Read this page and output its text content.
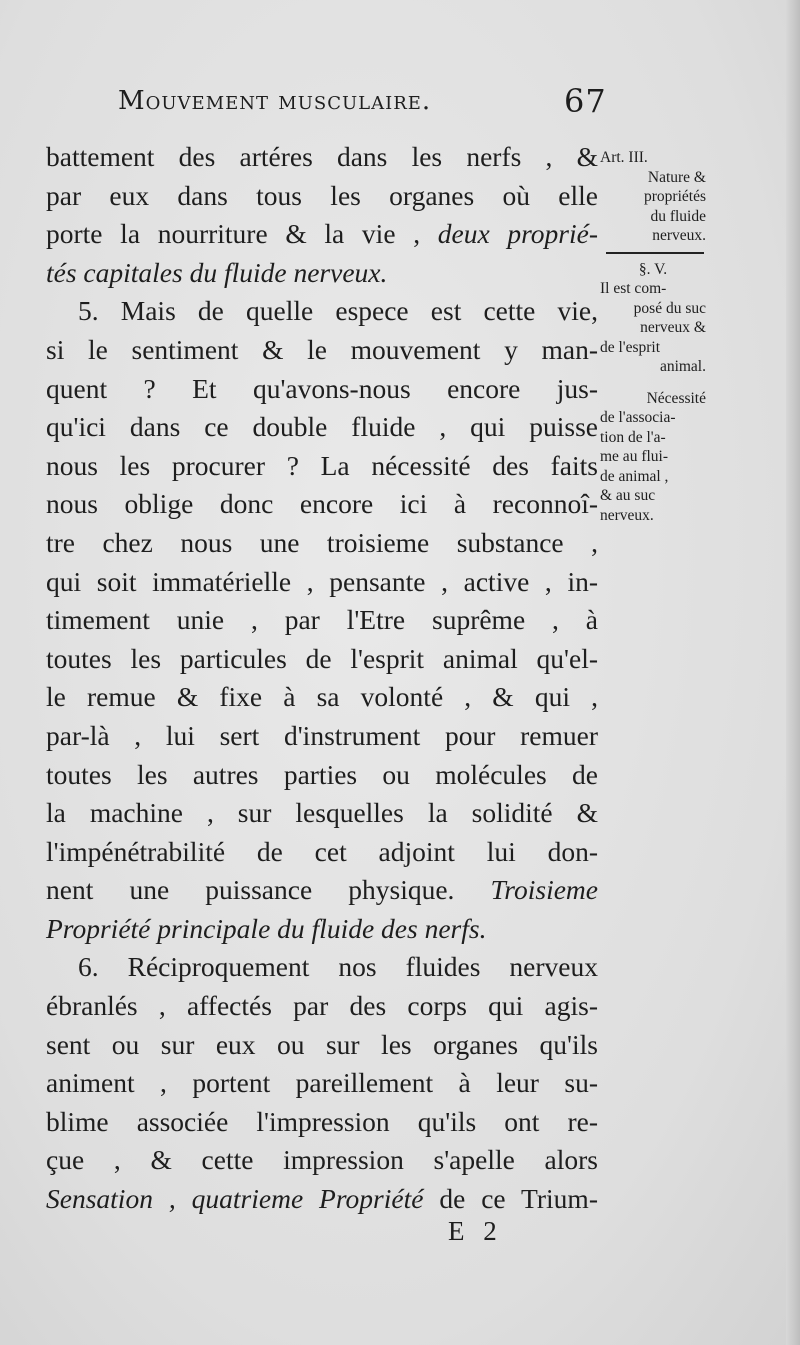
Mouvement musculaire.	67
battement des artéres dans les nerfs , &
par eux dans tous les organes où elle
porte la nourriture & la vie , deux proprié-
tés capitales du fluide nerveux.
5. Mais de quelle espece est cette vie,
si le sentiment & le mouvement y man-
quent ? Et qu'avons-nous encore jus-
qu'ici dans ce double fluide , qui puisse
nous les procurer ? La nécessité des faits
nous oblige donc encore ici à reconnoî-
tre chez nous une troisieme substance ,
qui soit immatérielle , pensante , active , in-
timement unie , par l'Etre suprême , à
toutes les particules de l'esprit animal qu'el-
le remue & fixe à sa volonté , & qui ,
par-là , lui sert d'instrument pour remuer
toutes les autres parties ou molécules de
la machine , sur lesquelles la solidité &
l'impénétrabilité de cet adjoint lui don-
nent une puissance physique. Troisieme
Propriété principale du fluide des nerfs.
6. Réciproquement nos fluides nerveux
ébranlés , affectés par des corps qui agis-
sent ou sur eux ou sur les organes qu'ils
animent , portent pareillement à leur su-
blime associée l'impression qu'ils ont re-
çue , & cette impression s'apelle alors
Sensation , quatrieme Propriété de ce Trium-
Art. III.
Nature &
propriétés
du fluide
nerveux.
§. V.
Il est com-
posé du suc
nerveux &
de l'esprit
animal.
Nécessité
de l'associa-
tion de l'a-
me au flui-
de animal ,
& au suc
nerveux.
E 2
